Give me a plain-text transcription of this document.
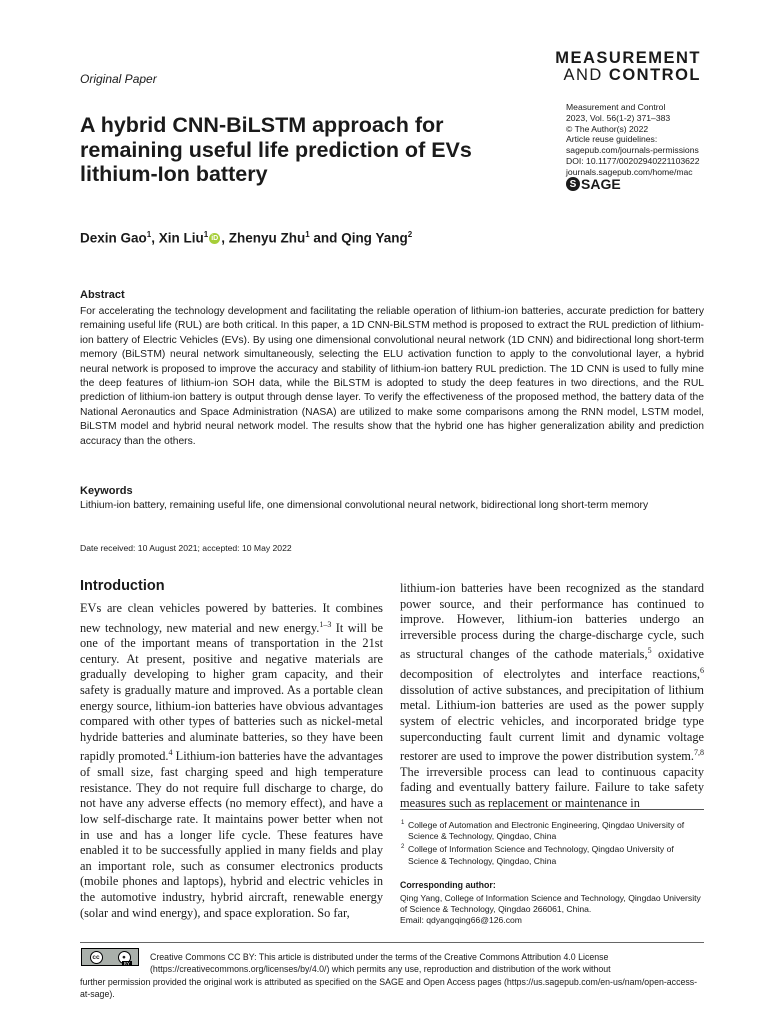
Original Paper
MEASUREMENT
AND CONTROL
Measurement and Control
2023, Vol. 56(1-2) 371–383
© The Author(s) 2022
Article reuse guidelines:
sagepub.com/journals-permissions
DOI: 10.1177/00202940221103622
journals.sagepub.com/home/mac
S SAGE
A hybrid CNN-BiLSTM approach for remaining useful life prediction of EVs lithium-Ion battery
Dexin Gao$^1$, Xin Liu$^1$ iD , Zhenyu Zhu$^1$ and Qing Yang$^2$
Abstract
For accelerating the technology development and facilitating the reliable operation of lithium-ion batteries, accurate prediction for battery remaining useful life (RUL) are both critical. In this paper, a 1D CNN-BiLSTM method is proposed to extract the RUL prediction of lithium-ion battery of Electric Vehicles (EVs). By using one dimensional convolutional neural network (1D CNN) and bidirectional long short-term memory (BiLSTM) neural network simultaneously, selecting the ELU activation function to apply to the convolutional layer, a hybrid neural network is proposed to improve the accuracy and stability of lithium-ion battery RUL prediction. The 1D CNN is used to fully mine the deep features of lithium-ion SOH data, while the BiLSTM is adopted to study the deep features in two directions, and the RUL prediction of lithium-ion battery is output through dense layer. To verify the effectiveness of the proposed method, the battery data of the National Aeronautics and Space Administration (NASA) are utilized to make some comparisons among the RNN model, LSTM model, BiLSTM model and hybrid neural network model. The results show that the hybrid one has higher generalization ability and prediction accuracy than the others.
Keywords
Lithium-ion battery, remaining useful life, one dimensional convolutional neural network, bidirectional long short-term memory
Date received: 10 August 2021; accepted: 10 May 2022
Introduction

EVs are clean vehicles powered by batteries. It combines new technology, new material and new energy.$^{1-3}$ It will be one of the important means of transportation in the 21st century. At present, positive and negative materials are gradually developing to higher gram capacity, and their safety is gradually mature and improved. As a portable clean energy source, lithium-ion batteries have obvious advantages compared with other types of batteries such as nickel-metal hydride batteries and aluminate batteries, so they have been rapidly promoted.$^4$ Lithium-ion batteries have the advantages of small size, fast charging speed and high temperature resistance. They do not require full discharge to charge, do not have any adverse effects (no memory effect), and have a low self-discharge rate. It maintains power better when not in use and has a longer life cycle. These features have enabled it to be successfully applied in many fields and play an important role, such as consumer electronics products (mobile phones and laptops), hybrid and electric vehicles in the automotive industry, hybrid aircraft, renewable energy (solar and wind energy), and space exploration. So far,

lithium-ion batteries have been recognized as the standard power source, and their performance has continued to improve. However, lithium-ion batteries undergo an irreversible process during the charge-discharge cycle, such as structural changes of the cathode materials,$^5$ oxidative decomposition of electrolytes and interface reactions,$^6$ dissolution of active substances, and precipitation of lithium metal. Lithium-ion batteries are used as the power supply system of electric vehicles, and incorporated bridge type superconducting fault current limit and dynamic voltage restorer are used to improve the power distribution system.$^{7,8}$ The irreversible process can lead to continuous capacity fading and eventually battery failure. Failure to take safety measures such as replacement or maintenance in

1 College of Automation and Electronic Engineering, Qingdao University of Science & Technology, Qingdao, China
2 College of Information Science and Technology, Qingdao University of Science & Technology, Qingdao, China
Corresponding author:
Qing Yang, College of Information Science and Technology, Qingdao University of Science & Technology, Qingdao 266061, China.
Email: qdyangqing66@126.com
Creative Commons CC BY: This article is distributed under the terms of the Creative Commons Attribution 4.0 License (https://creativecommons.org/licenses/by/4.0/) which permits any use, reproduction and distribution of the work without
further permission provided the original work is attributed as specified on the SAGE and Open Access pages (https://us.sagepub.com/en-us/nam/open-access-at-sage).
cc	●
BY
